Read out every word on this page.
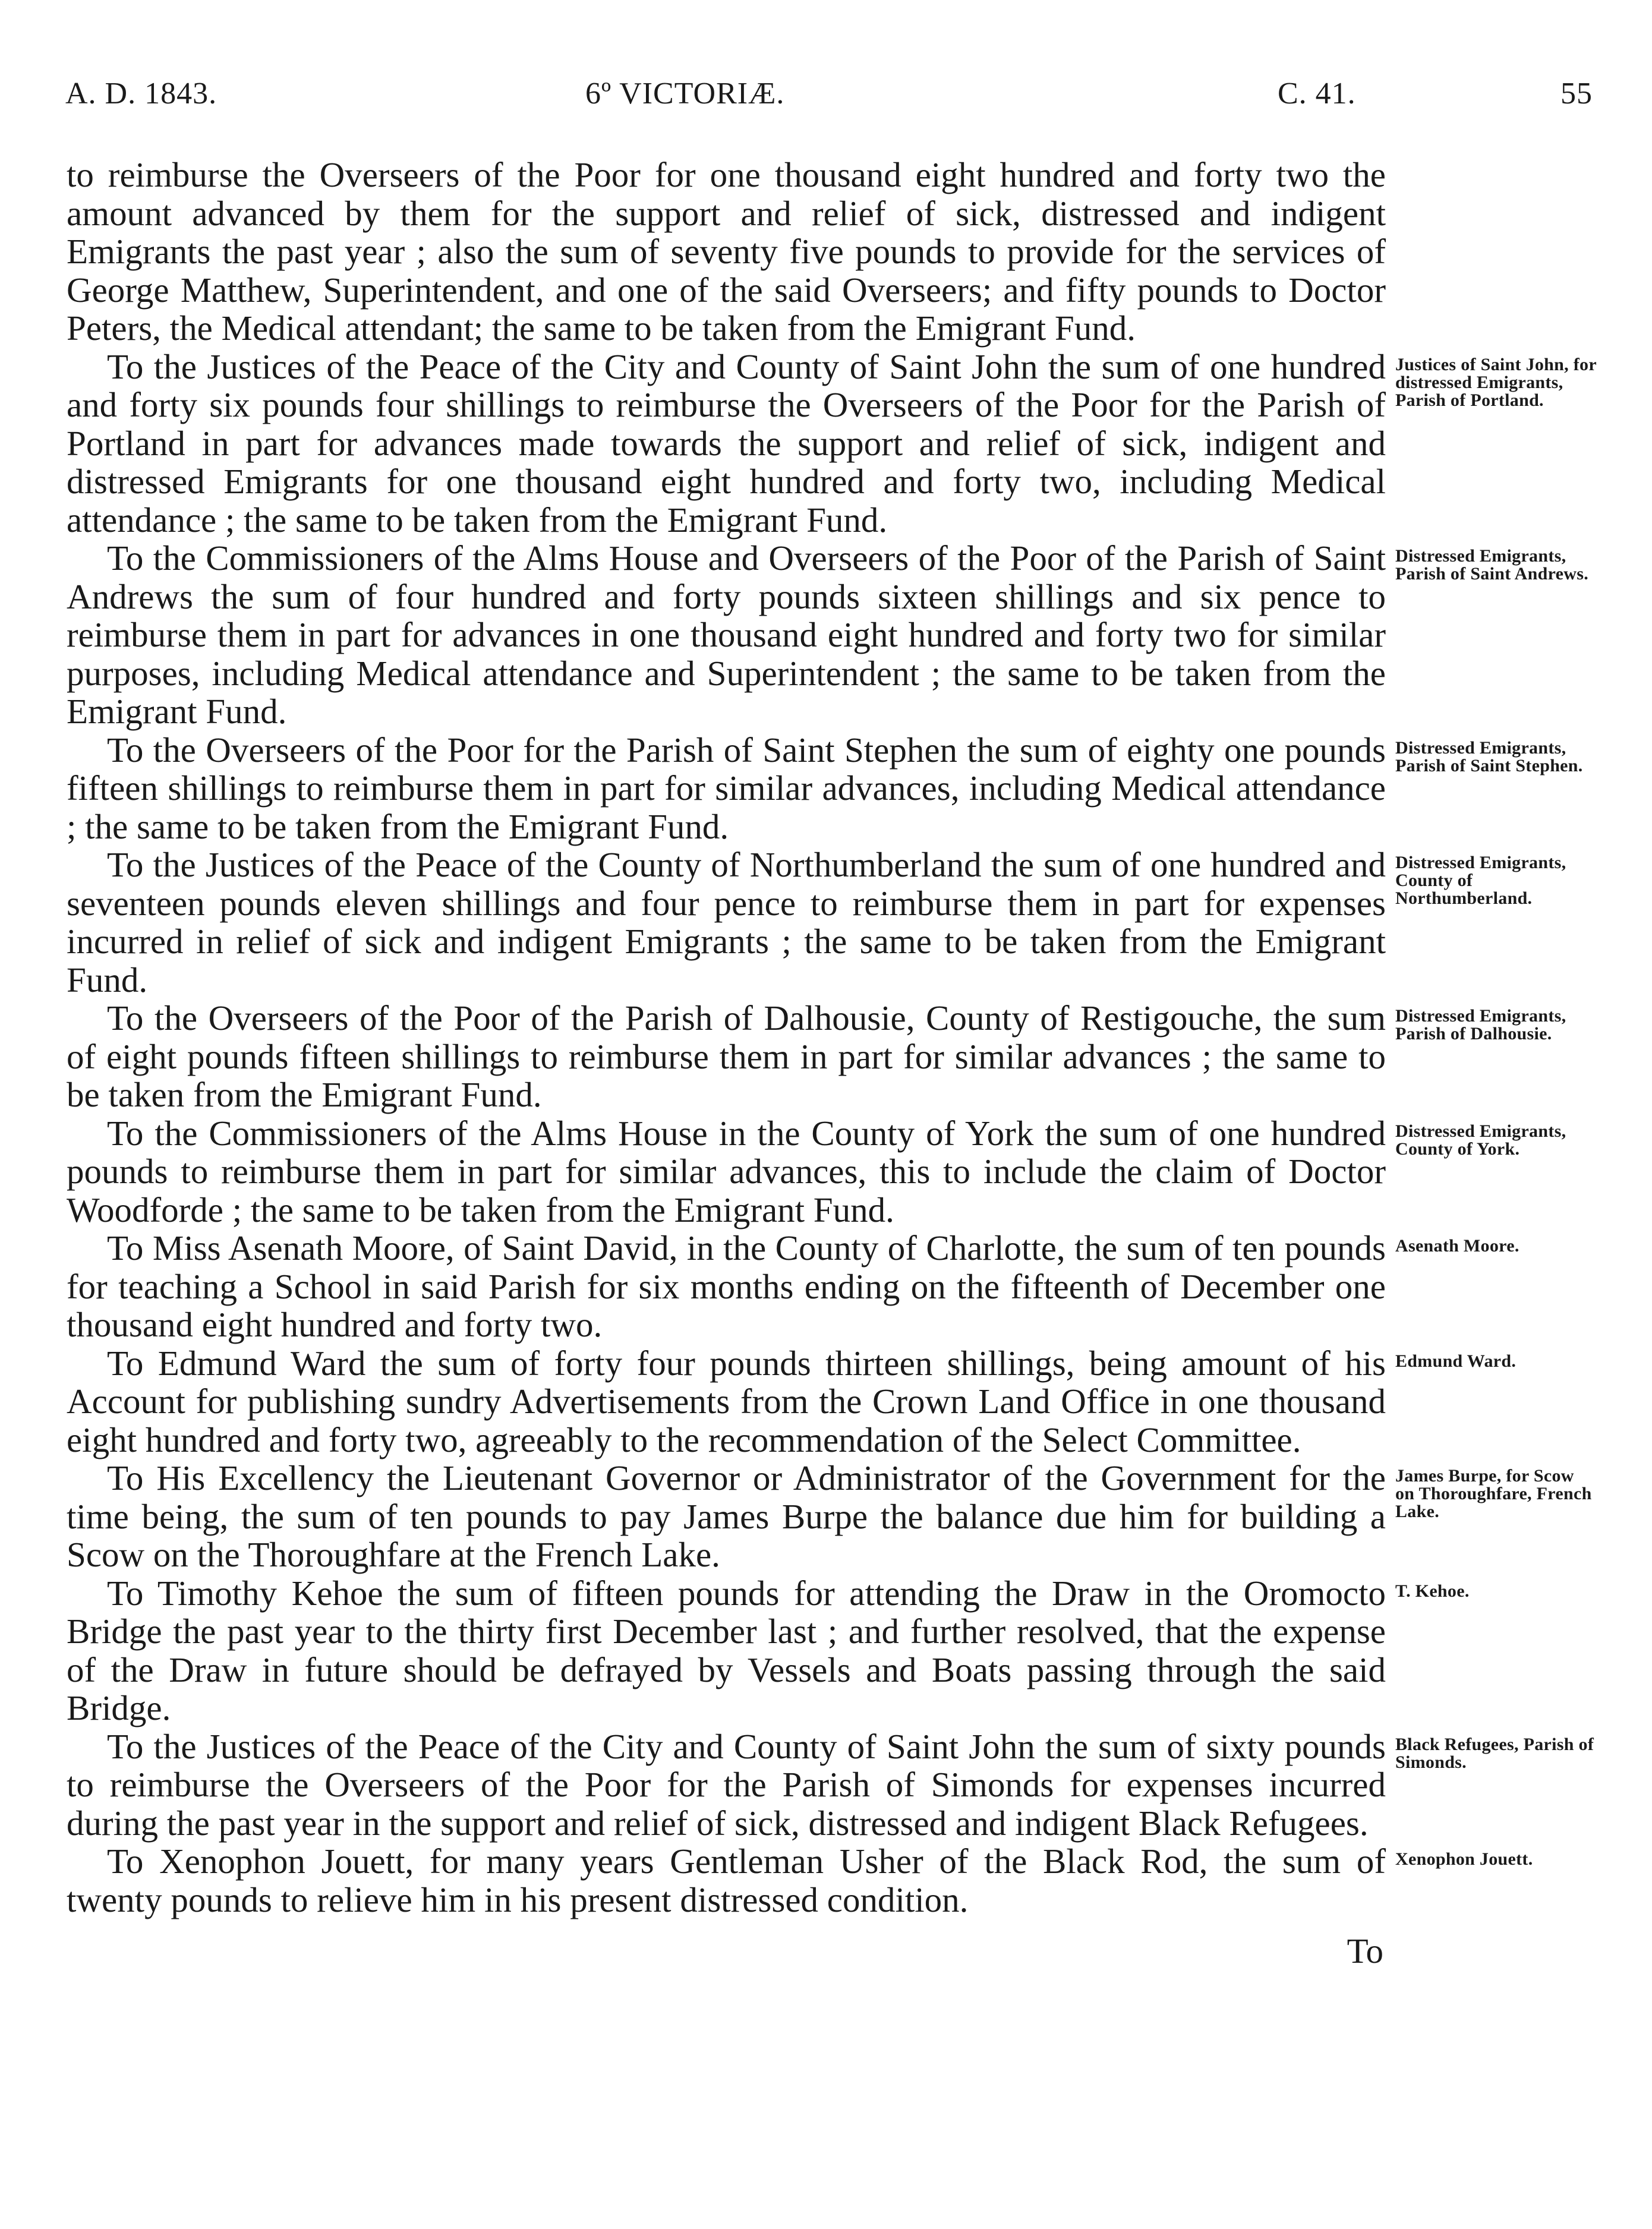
A. D. 1843.	6º VICTORIÆ.	C. 41.	55

to reimburse the Overseers of the Poor for one thousand eight hundred and forty two the amount advanced by them for the support and relief of sick, distressed and indigent Emigrants the past year ; also the sum of seventy five pounds to provide for the services of George Matthew, Superintendent, and one of the said Overseers; and fifty pounds to Doctor Peters, the Medical attendant; the same to be taken from the Emigrant Fund.

To the Justices of the Peace of the City and County of Saint John the sum of one hundred and forty six pounds four shillings to reimburse the Overseers of the Poor for the Parish of Portland in part for advances made towards the support and relief of sick, indigent and distressed Emigrants for one thousand eight hundred and forty two, including Medical attendance ; the same to be taken from the Emigrant Fund.

To the Commissioners of the Alms House and Overseers of the Poor of the Parish of Saint Andrews the sum of four hundred and forty pounds sixteen shillings and six pence to reimburse them in part for advances in one thousand eight hundred and forty two for similar purposes, including Medical attendance and Superintendent ; the same to be taken from the Emigrant Fund.

To the Overseers of the Poor for the Parish of Saint Stephen the sum of eighty one pounds fifteen shillings to reimburse them in part for similar advances, including Medical attendance ; the same to be taken from the Emigrant Fund.

To the Justices of the Peace of the County of Northumberland the sum of one hundred and seventeen pounds eleven shillings and four pence to reimburse them in part for expenses incurred in relief of sick and indigent Emigrants ; the same to be taken from the Emigrant Fund.

To the Overseers of the Poor of the Parish of Dalhousie, County of Restigouche, the sum of eight pounds fifteen shillings to reimburse them in part for similar advances ; the same to be taken from the Emigrant Fund.

To the Commissioners of the Alms House in the County of York the sum of one hundred pounds to reimburse them in part for similar advances, this to include the claim of Doctor Woodforde ; the same to be taken from the Emigrant Fund.

To Miss Asenath Moore, of Saint David, in the County of Charlotte, the sum of ten pounds for teaching a School in said Parish for six months ending on the fifteenth of December one thousand eight hundred and forty two.

To Edmund Ward the sum of forty four pounds thirteen shillings, being amount of his Account for publishing sundry Advertisements from the Crown Land Office in one thousand eight hundred and forty two, agreeably to the recommendation of the Select Committee.

To His Excellency the Lieutenant Governor or Administrator of the Government for the time being, the sum of ten pounds to pay James Burpe the balance due him for building a Scow on the Thoroughfare at the French Lake.

To Timothy Kehoe the sum of fifteen pounds for attending the Draw in the Oromocto Bridge the past year to the thirty first December last ; and further resolved, that the expense of the Draw in future should be defrayed by Vessels and Boats passing through the said Bridge.

To the Justices of the Peace of the City and County of Saint John the sum of sixty pounds to reimburse the Overseers of the Poor for the Parish of Simonds for expenses incurred during the past year in the support and relief of sick, distressed and indigent Black Refugees.

To Xenophon Jouett, for many years Gentleman Usher of the Black Rod, the sum of twenty pounds to relieve him in his present distressed condition.

To

Justices of Saint John, for distressed Emigrants, Parish of Portland.
Distressed Emigrants, Parish of Saint Andrews.
Distressed Emigrants, Parish of Saint Stephen.
Distressed Emigrants, County of Northumberland.
Distressed Emigrants, Parish of Dalhousie.
Distressed Emigrants, County of York.
Asenath Moore.
Edmund Ward.
James Burpe, for Scow on Thoroughfare, French Lake.
T. Kehoe.
Black Refugees, Parish of Simonds.
Xenophon Jouett.
